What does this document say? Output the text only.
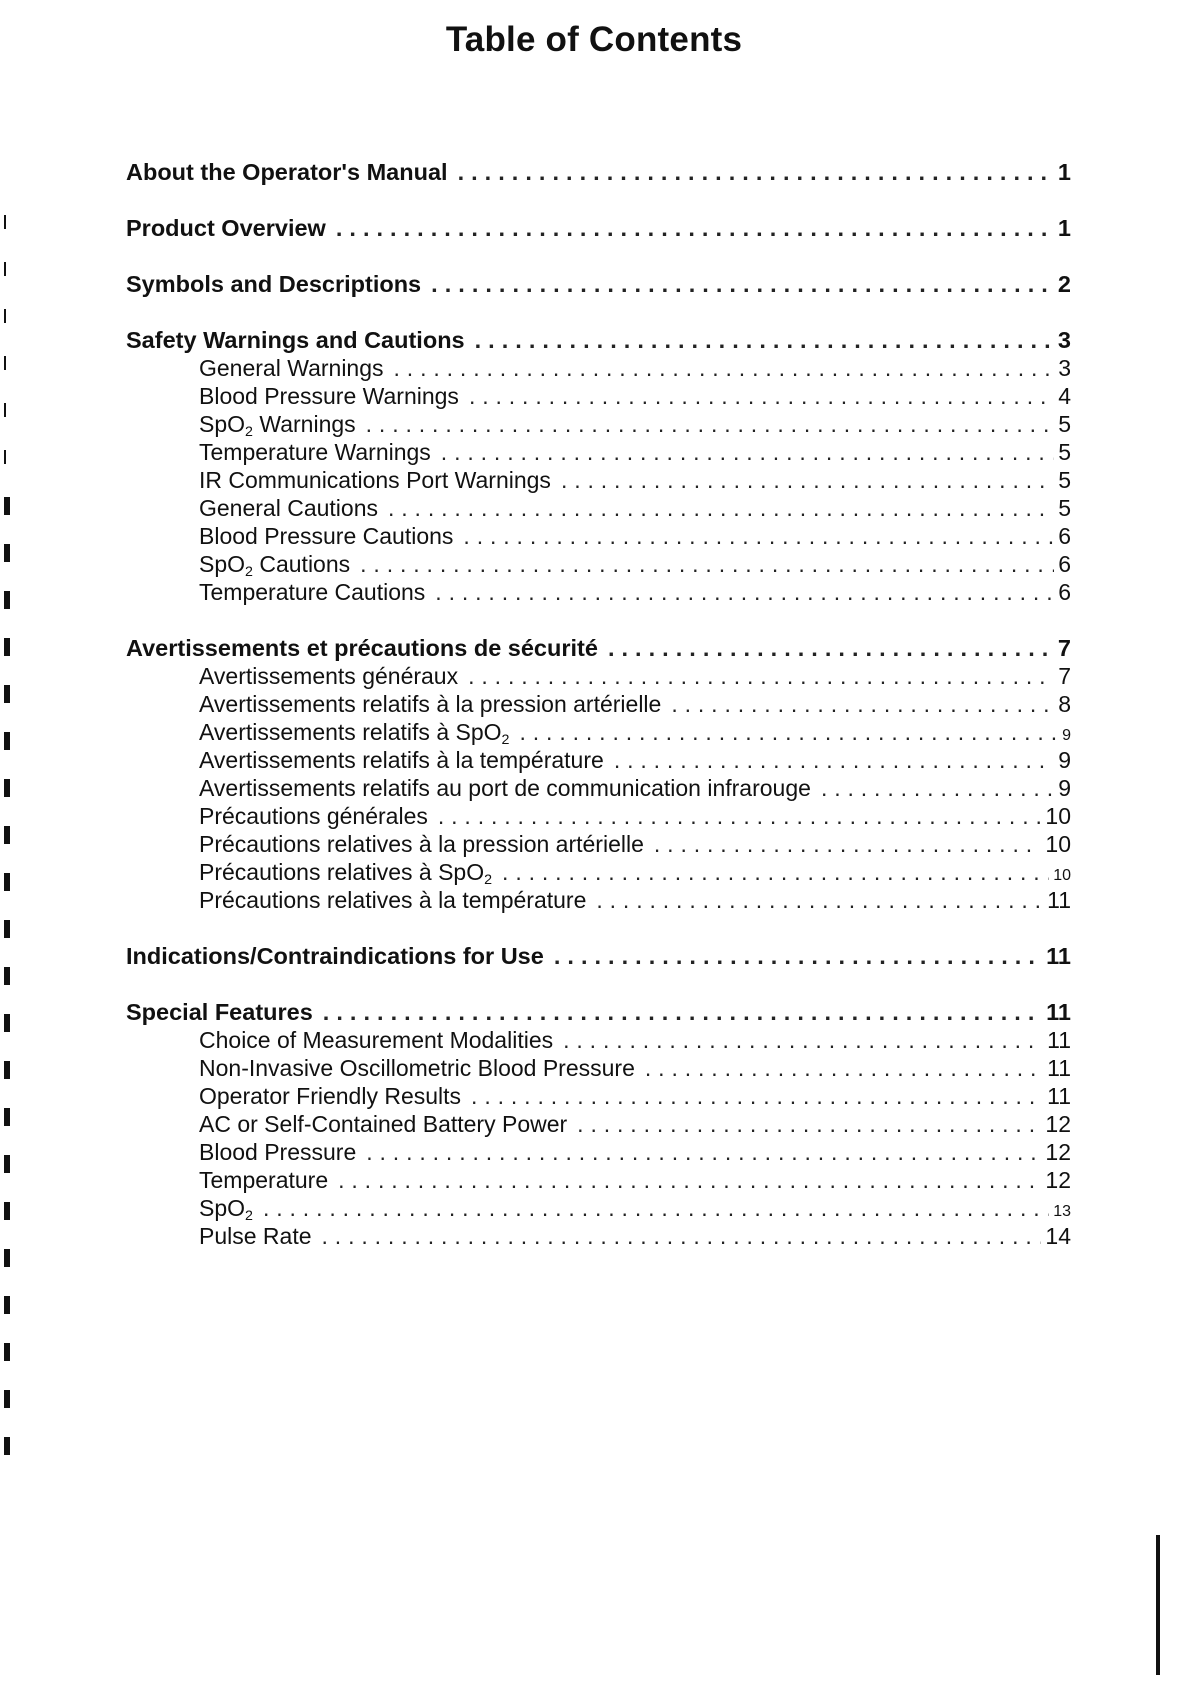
Table of Contents
About the Operator's Manual . . .	1
Product Overview . . .	1
Symbols and Descriptions . . .	2
Safety Warnings and Cautions . . .	3
General Warnings . . .	3
Blood Pressure Warnings . . .	4
SpO$_2$ Warnings . . .	5
Temperature Warnings . . .	5
IR Communications Port Warnings . . .	5
General Cautions . . .	5
Blood Pressure Cautions . . .	6
SpO$_2$ Cautions . . .	6
Temperature Cautions . . .	6
Avertissements et précautions de sécurité . . .	7
Avertissements généraux . . .	7
Avertissements relatifs à la pression artérielle . . .	8
Avertissements relatifs à SpO$_2$ . . .	9
Avertissements relatifs à la température . . .	9
Avertissements relatifs au port de communication infrarouge . . .	9
Précautions générales . . .	10
Précautions relatives à la pression artérielle . . .	10
Précautions relatives à SpO$_2$ . . .	10
Précautions relatives à la température . . .	11
Indications/Contraindications for Use . . .	11
Special Features . . .	11
Choice of Measurement Modalities . . .	11
Non-Invasive Oscillometric Blood Pressure . . .	11
Operator Friendly Results . . .	11
AC or Self-Contained Battery Power . . .	12
Blood Pressure . . .	12
Temperature . . .	12
SpO$_2$ . . .	13
Pulse Rate . . .	14
